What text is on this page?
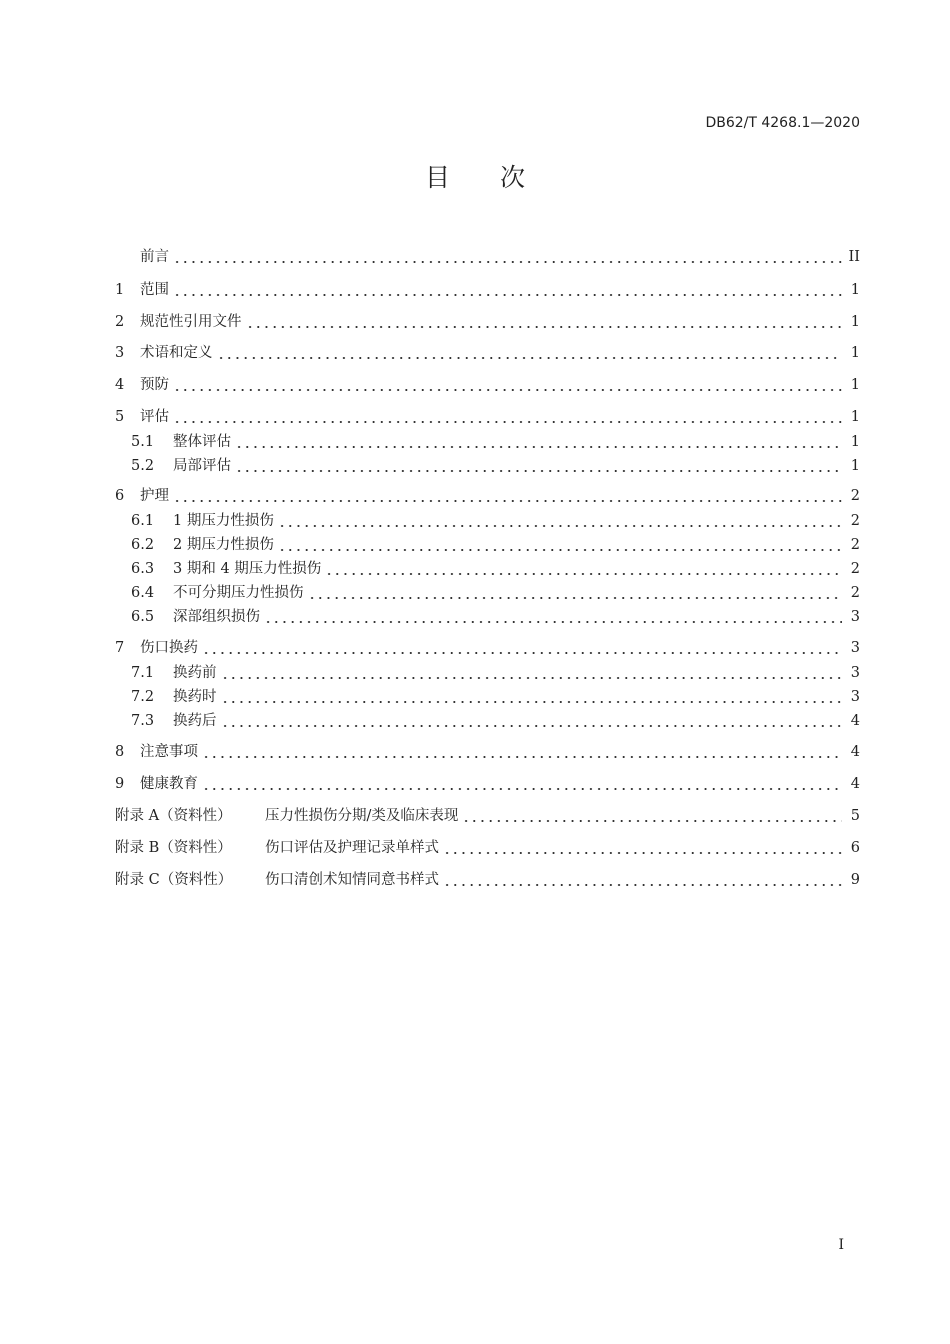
DB62/T 4268.1—2020
目次
前言	II
1	范围	1
2	规范性引用文件	1
3	术语和定义	1
4	预防	1
5	评估	1
5.1	整体评估	1
5.2	局部评估	1
6	护理	2
6.1	1 期压力性损伤	2
6.2	2 期压力性损伤	2
6.3	3 期和 4 期压力性损伤	2
6.4	不可分期压力性损伤	2
6.5	深部组织损伤	3
7	伤口换药	3
7.1	换药前	3
7.2	换药时	3
7.3	换药后	4
8	注意事项	4
9	健康教育	4
附录 A（资料性）	压力性损伤分期/类及临床表现	5
附录 B（资料性）	伤口评估及护理记录单样式	6
附录 C（资料性）	伤口清创术知情同意书样式	9
I
